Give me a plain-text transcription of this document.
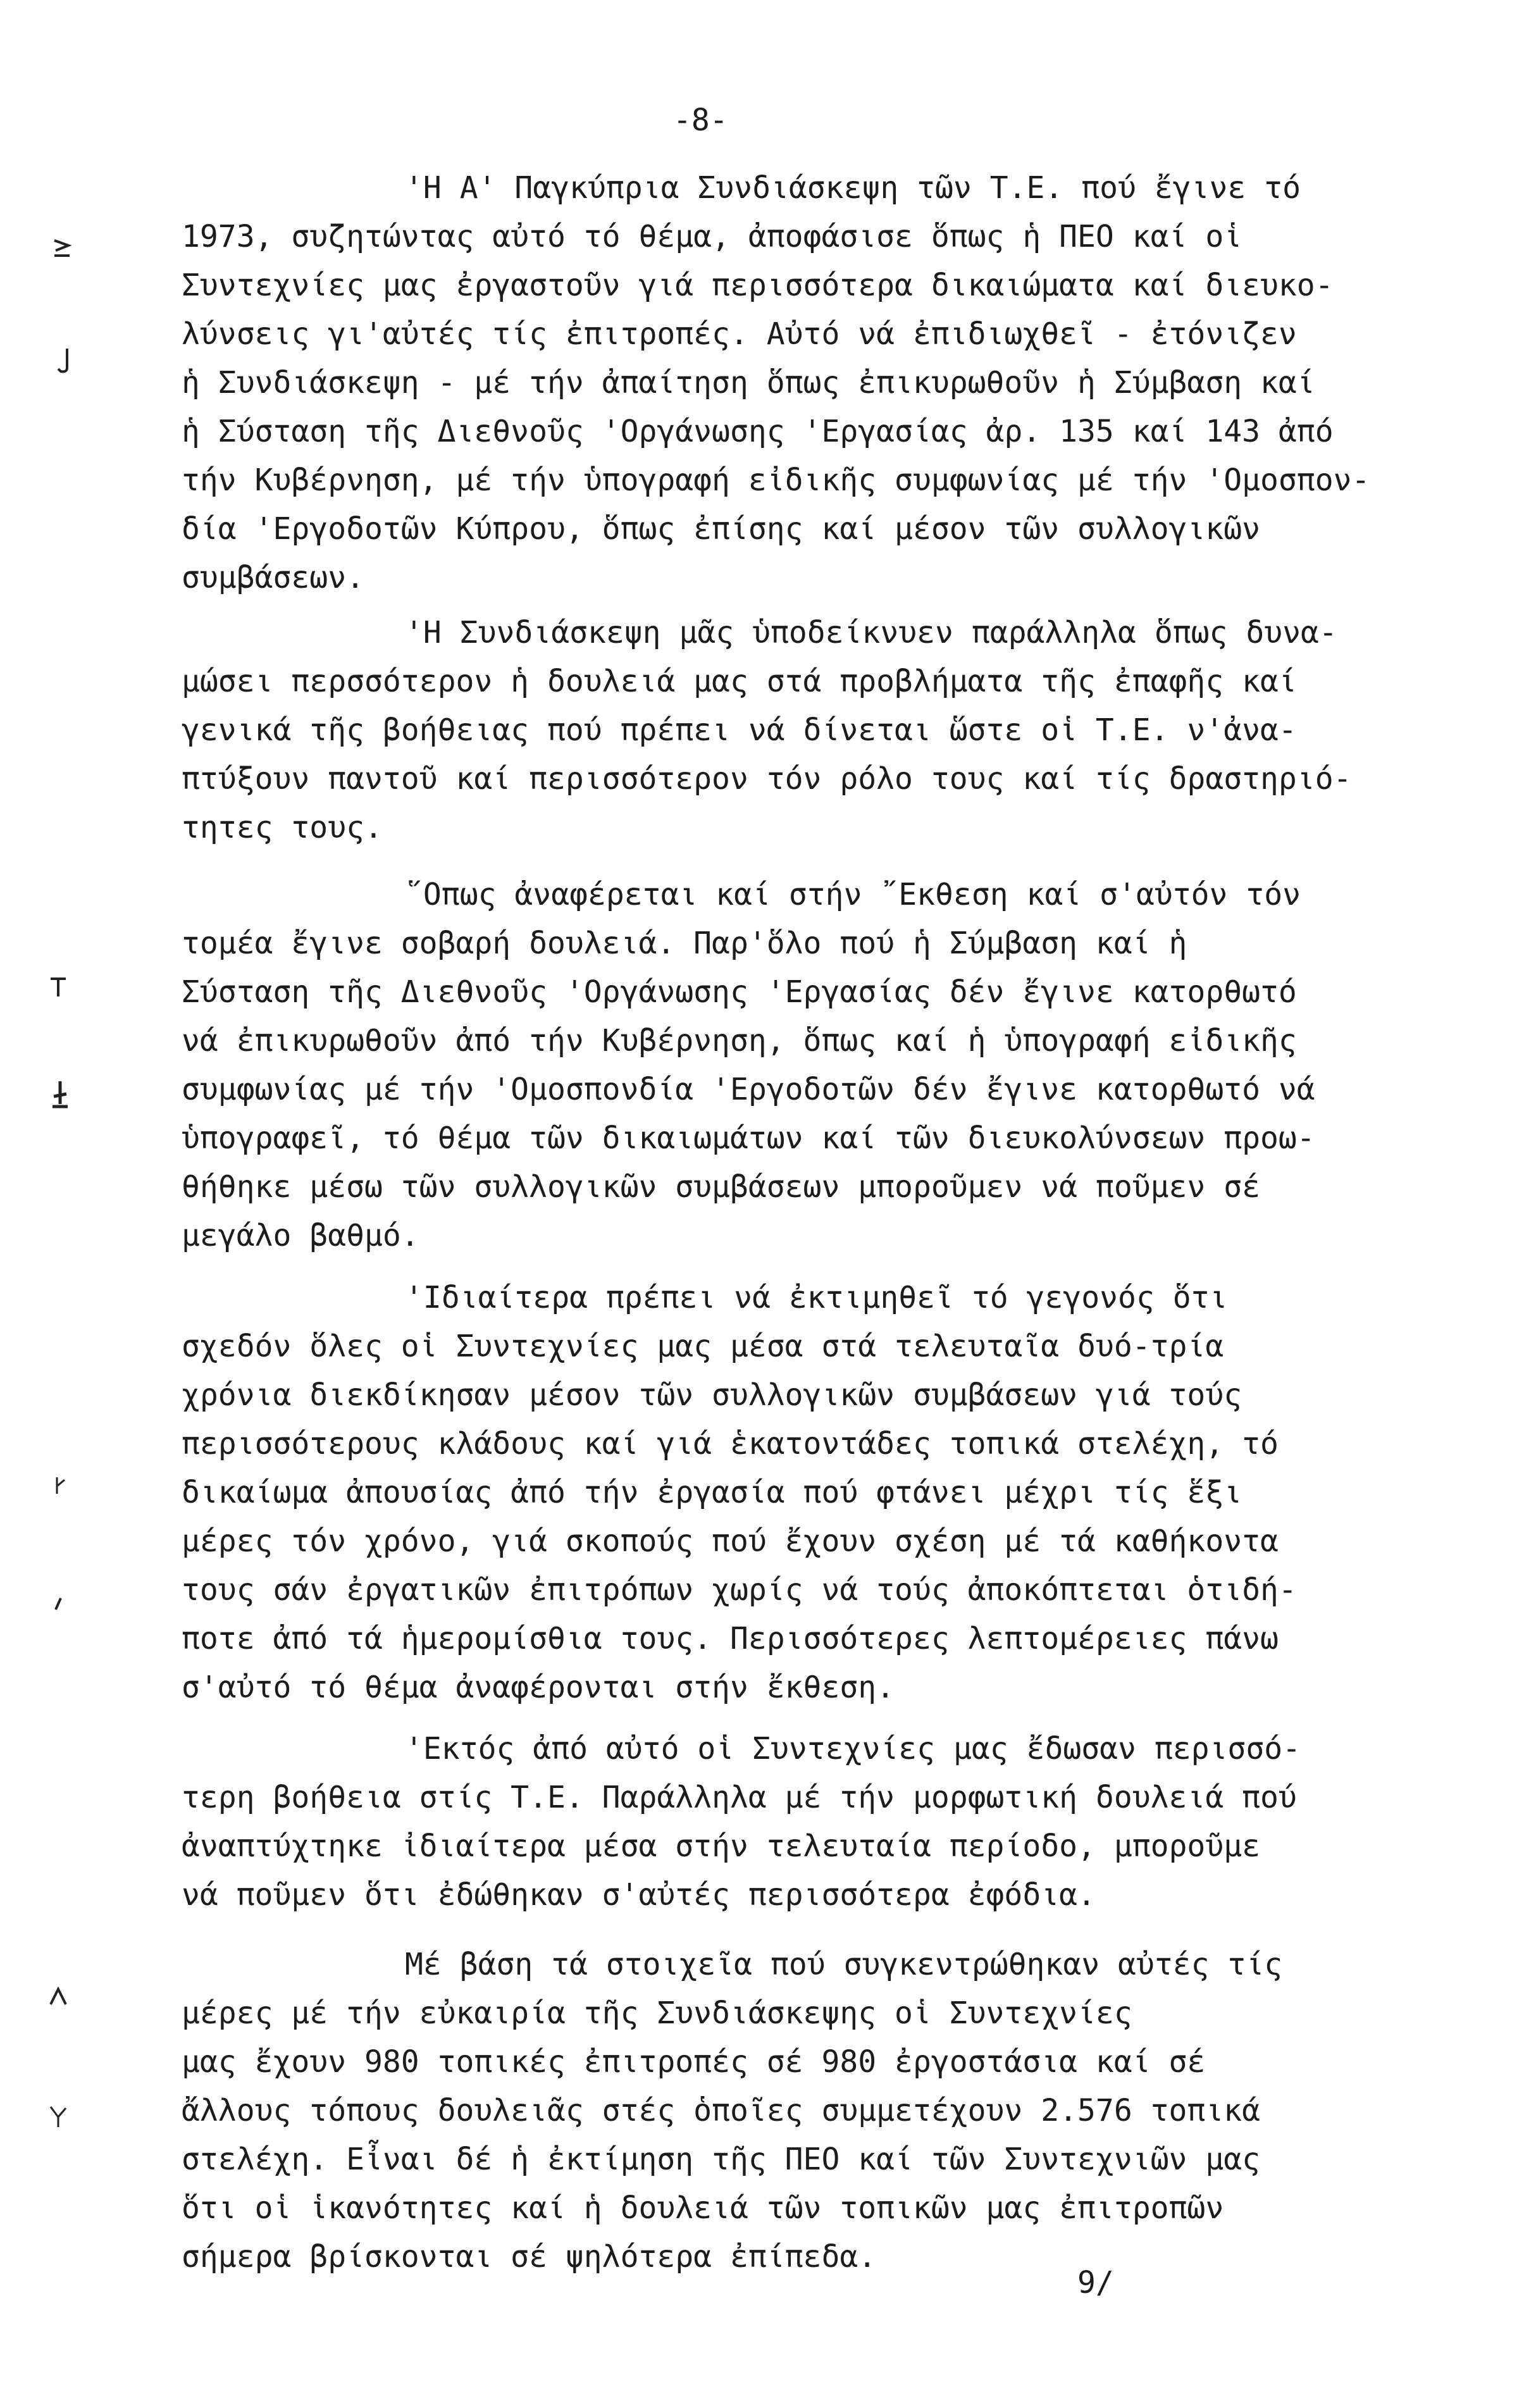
-8-
'Η Α' Παγκύπρια Συνδιάσκεψη τῶν Τ.Ε. πού ἔγινε τό
1973, συζητώντας αὐτό τό θέμα, ἀποφάσισε ὅπως ἡ ΠΕΟ καί οἱ
Συντεχνίες μας ἐργαστοῦν γιά περισσότερα δικαιώματα καί διευκο-
λύνσεις γι'αὐτές τίς ἐπιτροπές. Αὐτό νά ἐπιδιωχθεῖ - ἐτόνιζεν
ἡ Συνδιάσκεψη - μέ τήν ἀπαίτηση ὅπως ἐπικυρωθοῦν ἡ Σύμβαση καί
ἡ Σύσταση τῆς Διεθνοῦς 'Οργάνωσης 'Εργασίας ἀρ. 135 καί 143 ἀπό
τήν Κυβέρνηση, μέ τήν ὑπογραφή εἰδικῆς συμφωνίας μέ τήν 'Ομοσπον-
δία 'Εργοδοτῶν Κύπρου, ὅπως ἐπίσης καί μέσον τῶν συλλογικῶν
συμβάσεων.
'Η Συνδιάσκεψη μᾶς ὑποδείκνυεν παράλληλα ὅπως δυνα-
μώσει περσσότερον ἡ δουλειά μας στά προβλήματα τῆς ἐπαφῆς καί
γενικά τῆς βοήθειας πού πρέπει νά δίνεται ὥστε οἱ Τ.Ε. ν'ἀνα-
πτύξουν παντοῦ καί περισσότερον τόν ρόλο τους καί τίς δραστηριό-
τητες τους.
῞Οπως ἀναφέρεται καί στήν ῎Εκθεση καί σ'αὐτόν τόν
τομέα ἔγινε σοβαρή δουλειά. Παρ'ὅλο πού ἡ Σύμβαση καί ἡ
Σύσταση τῆς Διεθνοῦς 'Οργάνωσης 'Εργασίας δέν ἔγινε κατορθωτό
νά ἐπικυρωθοῦν ἀπό τήν Κυβέρνηση, ὅπως καί ἡ ὑπογραφή εἰδικῆς
συμφωνίας μέ τήν 'Ομοσπονδία 'Εργοδοτῶν δέν ἔγινε κατορθωτό νά
ὑπογραφεῖ, τό θέμα τῶν δικαιωμάτων καί τῶν διευκολύνσεων προω-
θήθηκε μέσω τῶν συλλογικῶν συμβάσεων μποροῦμεν νά ποῦμεν σέ
μεγάλο βαθμό.
'Ιδιαίτερα πρέπει νά ἐκτιμηθεῖ τό γεγονός ὅτι
σχεδόν ὅλες οἱ Συντεχνίες μας μέσα στά τελευταῖα δυό-τρία
χρόνια διεκδίκησαν μέσον τῶν συλλογικῶν συμβάσεων γιά τούς
περισσότερους κλάδους καί γιά ἑκατοντάδες τοπικά στελέχη, τό
δικαίωμα ἀπουσίας ἀπό τήν ἐργασία πού φτάνει μέχρι τίς ἕξι
μέρες τόν χρόνο, γιά σκοπούς πού ἔχουν σχέση μέ τά καθήκοντα
τους σάν ἐργατικῶν ἐπιτρόπων χωρίς νά τούς ἀποκόπτεται ὁτιδή-
ποτε ἀπό τά ἡμερομίσθια τους. Περισσότερες λεπτομέρειες πάνω
σ'αὐτό τό θέμα ἀναφέρονται στήν ἔκθεση.
'Εκτός ἀπό αὐτό οἱ Συντεχνίες μας ἔδωσαν περισσό-
τερη βοήθεια στίς Τ.Ε. Παράλληλα μέ τήν μορφωτική δουλειά πού
ἀναπτύχτηκε ἰδιαίτερα μέσα στήν τελευταία περίοδο, μποροῦμε
νά ποῦμεν ὅτι ἐδώθηκαν σ'αὐτές περισσότερα ἐφόδια.
Μέ βάση τά στοιχεῖα πού συγκεντρώθηκαν αὐτές τίς
μέρες μέ τήν εὐκαιρία τῆς Συνδιάσκεψης οἱ Συντεχνίες
μας ἔχουν 980 τοπικές ἐπιτροπές σέ 980 ἐργοστάσια καί σέ
ἄλλους τόπους δουλειᾶς στές ὁποῖες συμμετέχουν 2.576 τοπικά
στελέχη. Εἶναι δέ ἡ ἐκτίμηση τῆς ΠΕΟ καί τῶν Συντεχνιῶν μας
ὅτι οἱ ἱκανότητες καί ἡ δουλειά τῶν τοπικῶν μας ἐπιτροπῶν
σήμερα βρίσκονται σέ ψηλότερα ἐπίπεδα.
9/
